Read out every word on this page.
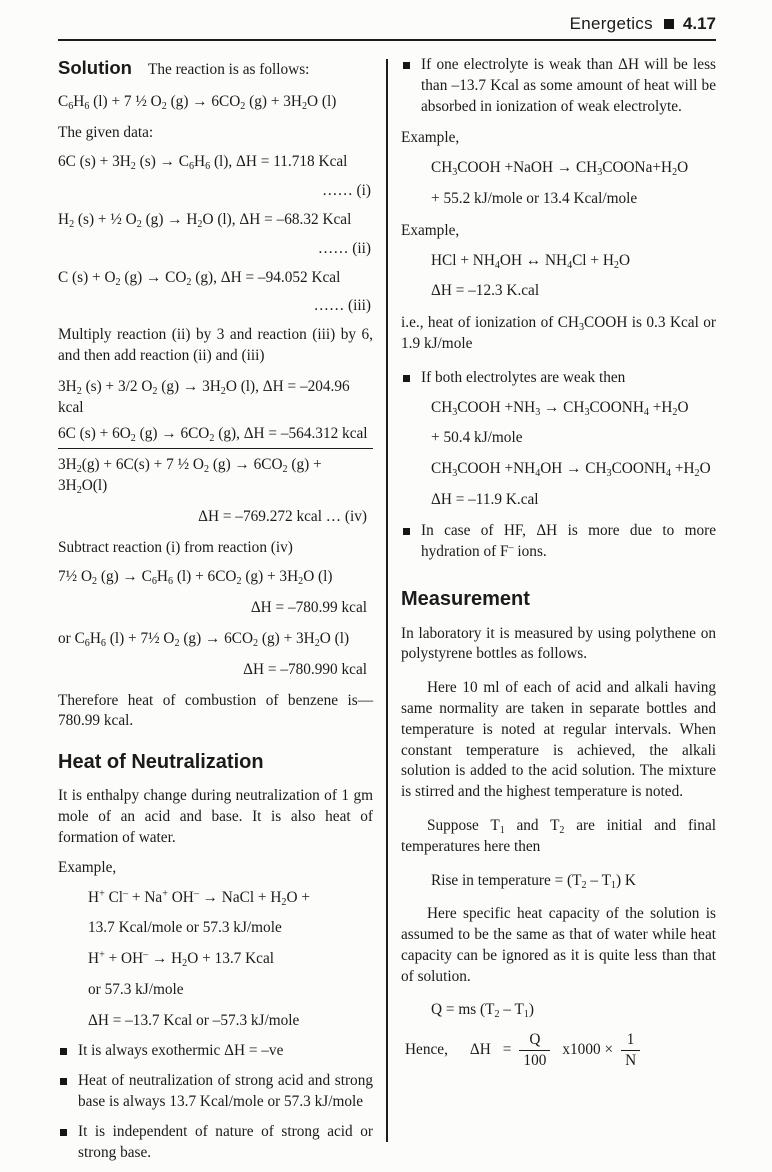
Energetics 4.17

Solution The reaction is as follows:

$C_6H_6$ (l) + 7 ½ $O_2$ $(g) \to 6CO_2$ $(g) + 3H_2O$ (l)

The given data:

6C $(s) + 3H_2$ $(s) \to C_6H_6$ (l), ΔH = 11.718 Kcal

…… (i)

$H_2$ (s) + ½ $O_2$ $(g) \to H_2O$ (l), ΔH = –68.32 Kcal

…… (ii)

C $(s) + O_2$ $(g) \to CO_2$ (g), ΔH = –94.052 Kcal

…… (iii)

Multiply reaction (ii) by 3 and reaction (iii) by 6, and then add reaction (ii) and (iii)

$3H_2$ (s) + 3/2 $O_2$ $(g) \to 3H_2O$ (l), ΔH = –204.96 kcal

6C $(s) + 6O_2$ $(g) \to 6CO_2$ (g), ΔH = –564.312 kcal

$3H_2(g) + 6C(s) + 7$ ½ $O_2$ $(g) \to 6CO_2$ $(g) + 3H_2O(l)$

ΔH = –769.272 kcal … (iv)

Subtract reaction (i) from reaction (iv)

7½ $O_2$ $(g) \to C_6H_6$ $(l) + 6CO_2$ $(g) + 3H_2O$ (l)

ΔH = –780.99 kcal

or $C_6H_6$ (l) + 7½ $O_2$ $(g) \to 6CO_2$ $(g) + 3H_2O$ (l)

ΔH = –780.990 kcal

Therefore heat of combustion of benzene is— 780.99 kcal.

Heat of Neutralization

It is enthalpy change during neutralization of 1 gm mole of an acid and base. It is also heat of formation of water.

Example,

H+ Cl– + Na+ OH– → NaCl + $H_2O$ +

13.7 Kcal/mole or 57.3 kJ/mole

$H^+ + OH^- \to H_2O + 13.7$ Kcal

or 57.3 kJ/mole

ΔH = –13.7 Kcal or –57.3 kJ/mole

It is always exothermic ΔH = –ve
Heat of neutralization of strong acid and strong base is always 13.7 Kcal/mole or 57.3 kJ/mole
It is independent of nature of strong acid or strong base.
If one electrolyte is weak than ΔH will be less than –13.7 Kcal as some amount of heat will be absorbed in ionization of weak electrolyte.

Example,

$CH_3COOH$ +NaOH → $CH_3COONa+H_2O$

+ 55.2 kJ/mole or 13.4 Kcal/mole

Example,

HCl + $NH_4OH$ ↔ $NH_4Cl + H_2O$

ΔH = –12.3 K.cal

i.e., heat of ionization of $CH_3COOH$ is 0.3 Kcal or 1.9 kJ/mole

If both electrolytes are weak then

$CH_3COOH +NH_3$ → $CH_3COONH_4 +H_2O$

+ 50.4 kJ/mole

$CH_3COOH +NH_4OH$ → $CH_3COONH_4 +H_2O$

ΔH = –11.9 K.cal

In case of HF, ΔH is more due to more hydration of F– ions.
Measurement

In laboratory it is measured by using polythene on polystyrene bottles as follows.

Here 10 ml of each of acid and alkali having same normality are taken in separate bottles and temperature is noted at regular intervals. When constant temperature is achieved, the alkali solution is added to the acid solution. The mixture is stirred and the highest temperature is noted.

Suppose $T_1$ and $T_2$ are initial and final temperatures here then

Rise in temperature = $(T_2 - T_1)$ K

Here specific heat capacity of the solution is assumed to be the same as that of water while heat capacity can be ignored as it is quite less than that of solution.

Q = ms $(T_2 - T_1)$

Hence, $\Delta H = \frac{Q}{100} x1000 \times \frac{1}{N}$
